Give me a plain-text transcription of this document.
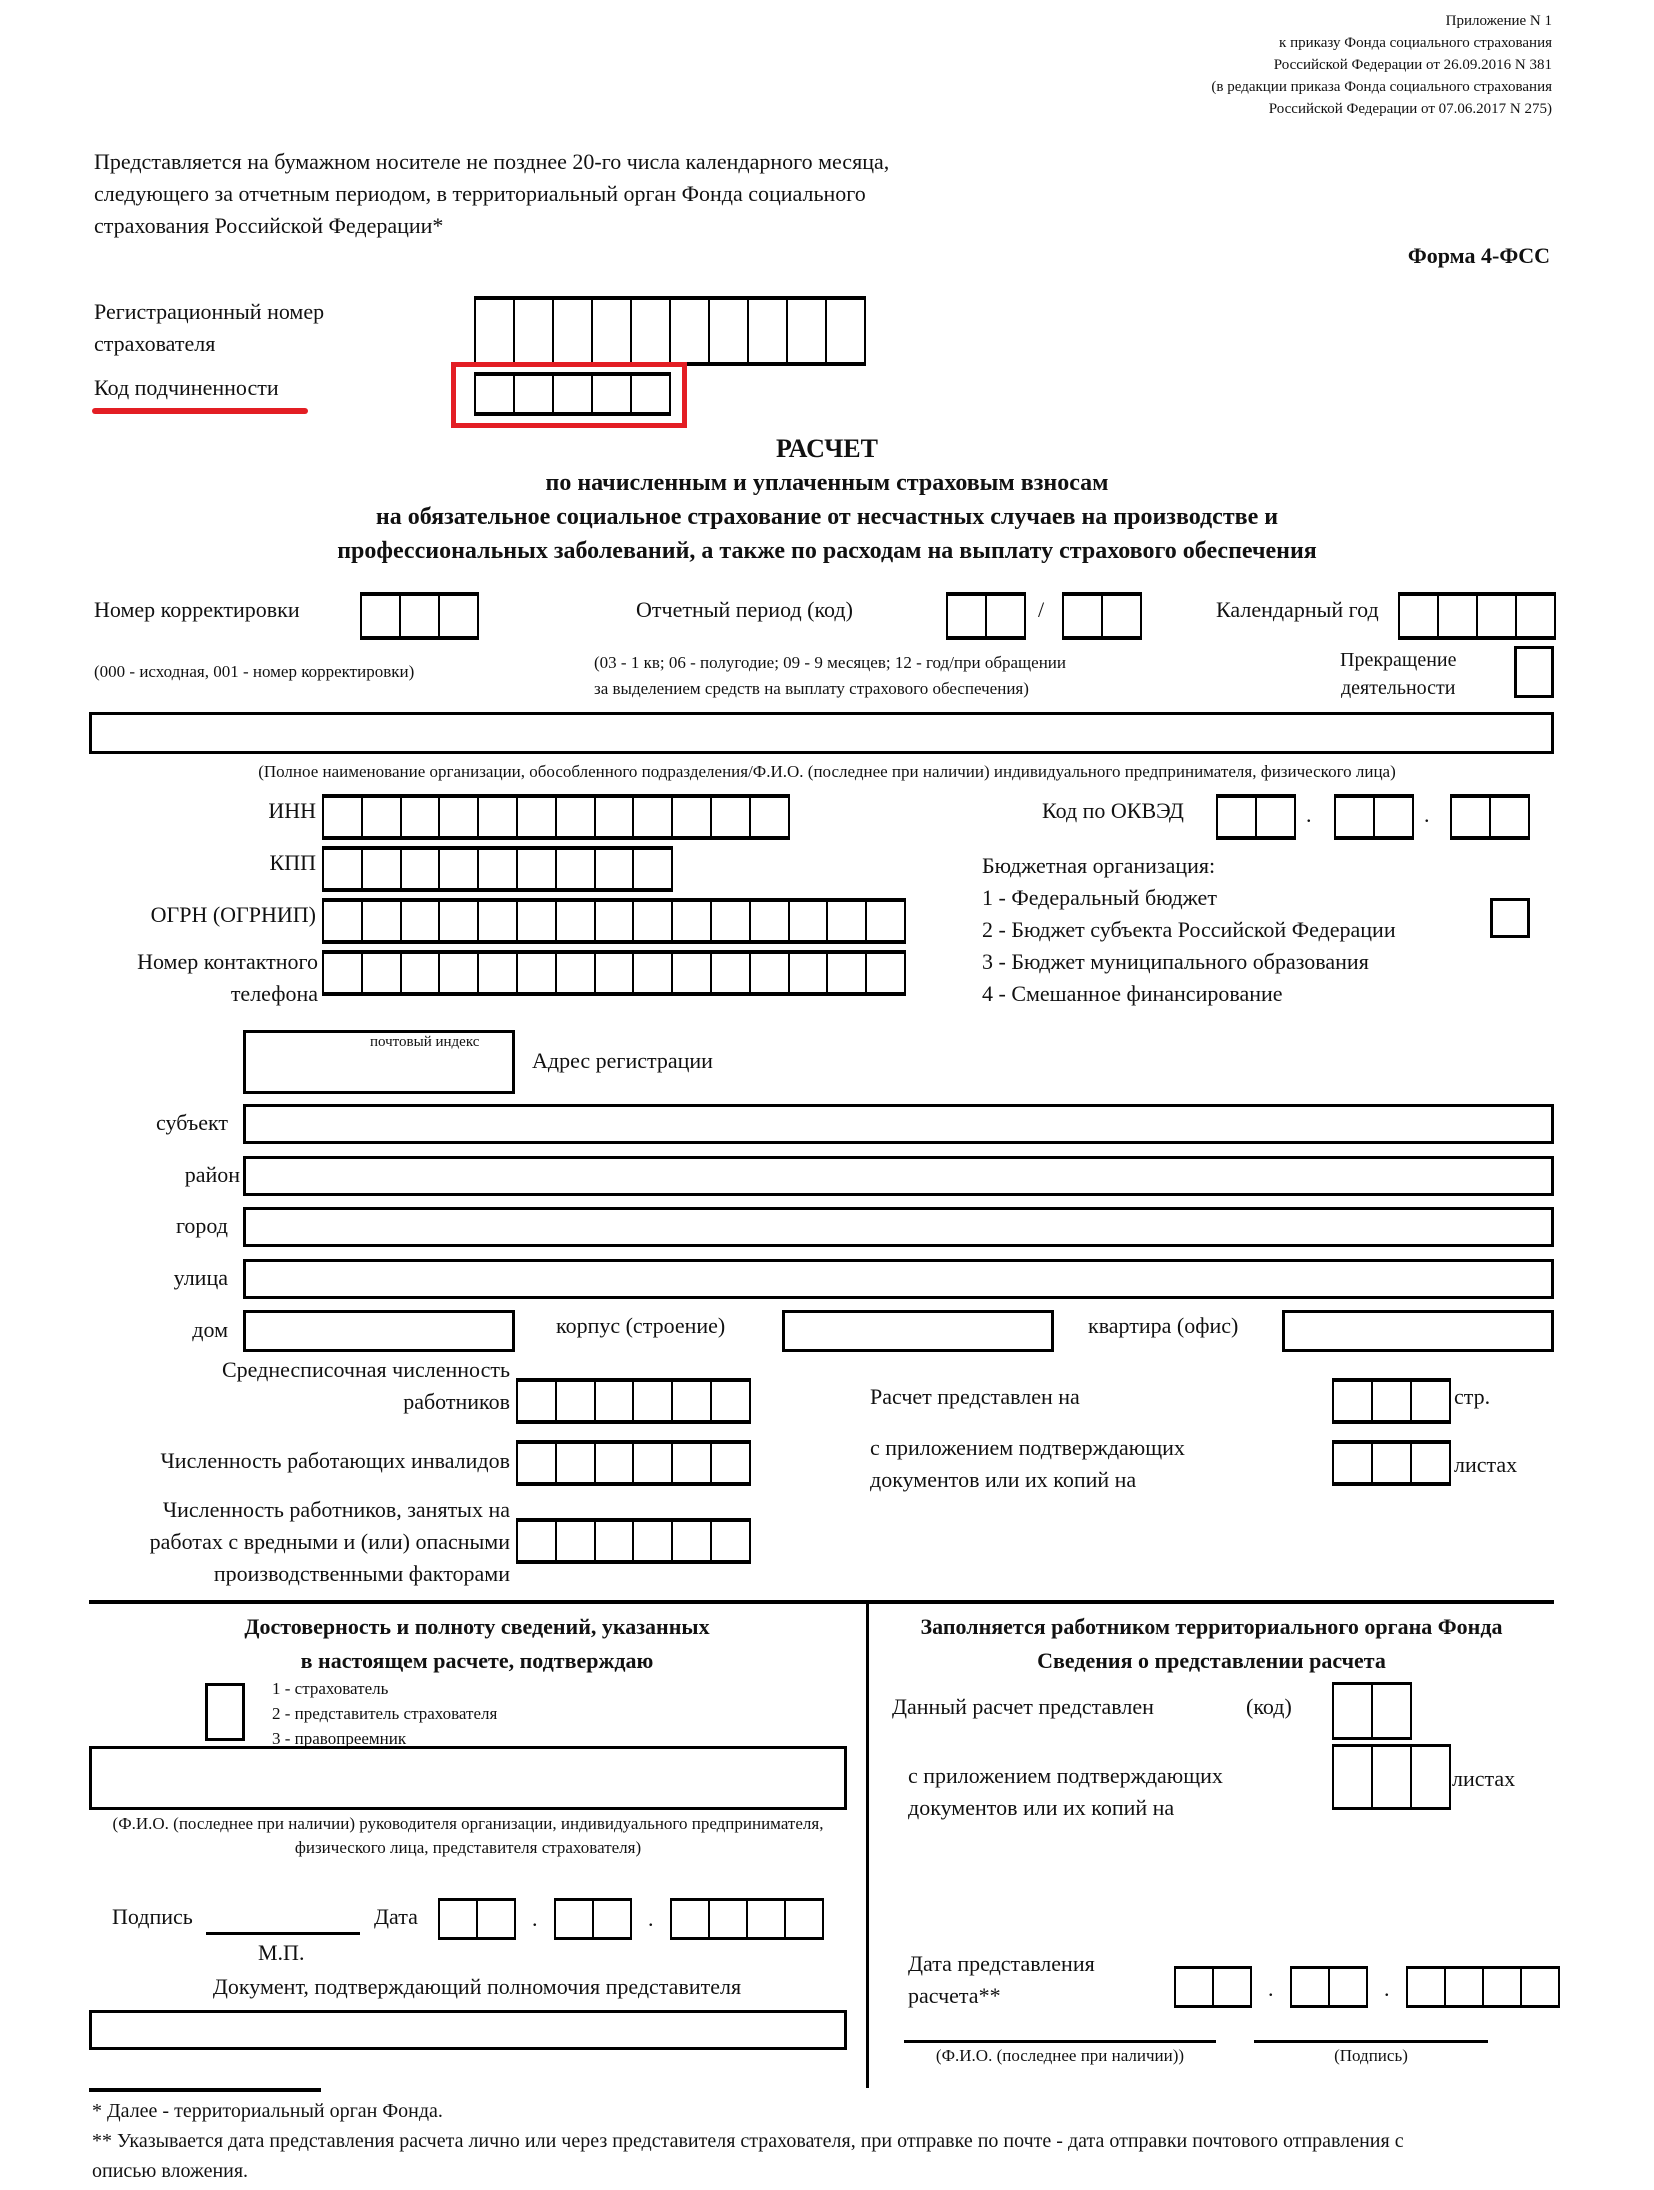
Приложение N 1
к приказу Фонда социального страхования
Российской Федерации от 26.09.2016 N 381
(в редакции приказа Фонда социального страхования
Российской Федерации от 07.06.2017 N 275)
Представляется на бумажном носителе не позднее 20-го числа календарного месяца,
следующего за отчетным периодом, в территориальный орган Фонда социального
страхования Российской Федерации*
Форма 4-ФСС
Регистрационный номер
страхователя
Код подчиненности
РАСЧЕТ
по начисленным и уплаченным страховым взносам
на обязательное социальное страхование от несчастных случаев на производстве и
профессиональных заболеваний, а также по расходам на выплату страхового обеспечения
Номер корректировки
(000 - исходная, 001 - номер корректировки)
Отчетный период (код)	/
(03 - 1 кв; 06 - полугодие; 09 - 9 месяцев; 12 - год/при обращении
за выделением средств на выплату страхового обеспечения)
Календарный год
Прекращение
деятельности
(Полное наименование организации, обособленного подразделения/Ф.И.О. (последнее при наличии) индивидуального предпринимателя, физического лица)
ИНН	Код по ОКВЭД	.	.
КПП	Бюджетная организация:
1 - Федеральный бюджет
2 - Бюджет субъекта Российской Федерации
3 - Бюджет муниципального образования
4 - Смешанное финансирование
ОГРН (ОГРНИП)
Номер контактного
телефона
почтовый индекс
Адрес регистрации
субъект
район
город
улица
дом	корпус (строение)	квартира (офис)
Среднесписочная численность
работников
Численность работающих инвалидов
Численность работников, занятых на
работах с вредными и (или) опасными
производственными факторами
Расчет представлен на	стр.
с приложением подтверждающих
документов или их копий на
листах
Достоверность и полноту сведений, указанных
в настоящем расчете, подтверждаю
1 - страхователь
2 - представитель страхователя
3 - правопреемник
(Ф.И.О. (последнее при наличии) руководителя организации, индивидуального предпринимателя,
физического лица, представителя страхователя)
Подпись
М.П.
Дата	.	.
Документ, подтверждающий полномочия представителя
Заполняется работником территориального органа Фонда
Сведения о представлении расчета
Данный расчет представлен	(код)
с приложением подтверждающих
документов или их копий на
листах
Дата представления
расчета**	.	.
(Ф.И.О. (последнее при наличии))	(Подпись)
* Далее - территориальный орган Фонда.
** Указывается дата представления расчета лично или через представителя страхователя, при отправке по почте - дата отправки почтового отправления с
описью вложения.
